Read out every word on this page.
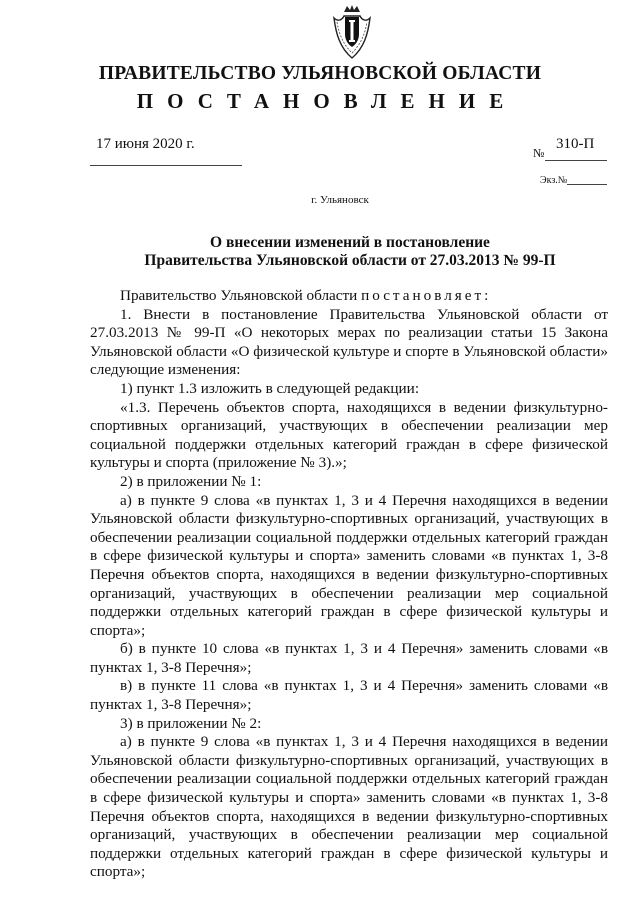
ПРАВИТЕЛЬСТВО УЛЬЯНОВСКОЙ ОБЛАСТИ
ПОСТАНОВЛЕНИЕ
17 июня 2020 г.
№
310-П
Экз.№
г. Ульяновск
О внесении изменений в постановление
Правительства Ульяновской области от 27.03.2013 № 99-П

Правительство Ульяновской области постановляет:

1. Внести в постановление Правительства Ульяновской области от 27.03.2013 № 99-П «О некоторых мерах по реализации статьи 15 Закона Ульяновской области «О физической культуре и спорте в Ульяновской области» следующие изменения:

1) пункт 1.3 изложить в следующей редакции:

«1.3. Перечень объектов спорта, находящихся в ведении физкультурно-спортивных организаций, участвующих в обеспечении реализации мер социальной поддержки отдельных категорий граждан в сфере физической культуры и спорта (приложение № 3).»;

2) в приложении № 1:

а) в пункте 9 слова «в пунктах 1, 3 и 4 Перечня находящихся в ведении Ульяновской области физкультурно-спортивных организаций, участвующих в обеспечении реализации социальной поддержки отдельных категорий граждан в сфере физической культуры и спорта» заменить словами «в пунктах 1, 3-8 Перечня объектов спорта, находящихся в ведении физкультурно-спортивных организаций, участвующих в обеспечении реализации мер социальной поддержки отдельных категорий граждан в сфере физической культуры и спорта»;

б) в пункте 10 слова «в пунктах 1, 3 и 4 Перечня» заменить словами «в пунктах 1, 3-8 Перечня»;

в) в пункте 11 слова «в пунктах 1, 3 и 4 Перечня» заменить словами «в пунктах 1, 3-8 Перечня»;

3) в приложении № 2:

а) в пункте 9 слова «в пунктах 1, 3 и 4 Перечня находящихся в ведении Ульяновской области физкультурно-спортивных организаций, участвующих в обеспечении реализации социальной поддержки отдельных категорий граждан в сфере физической культуры и спорта» заменить словами «в пунктах 1, 3-8 Перечня объектов спорта, находящихся в ведении физкультурно-спортивных организаций, участвующих в обеспечении реализации мер социальной поддержки отдельных категорий граждан в сфере физической культуры и спорта»;
